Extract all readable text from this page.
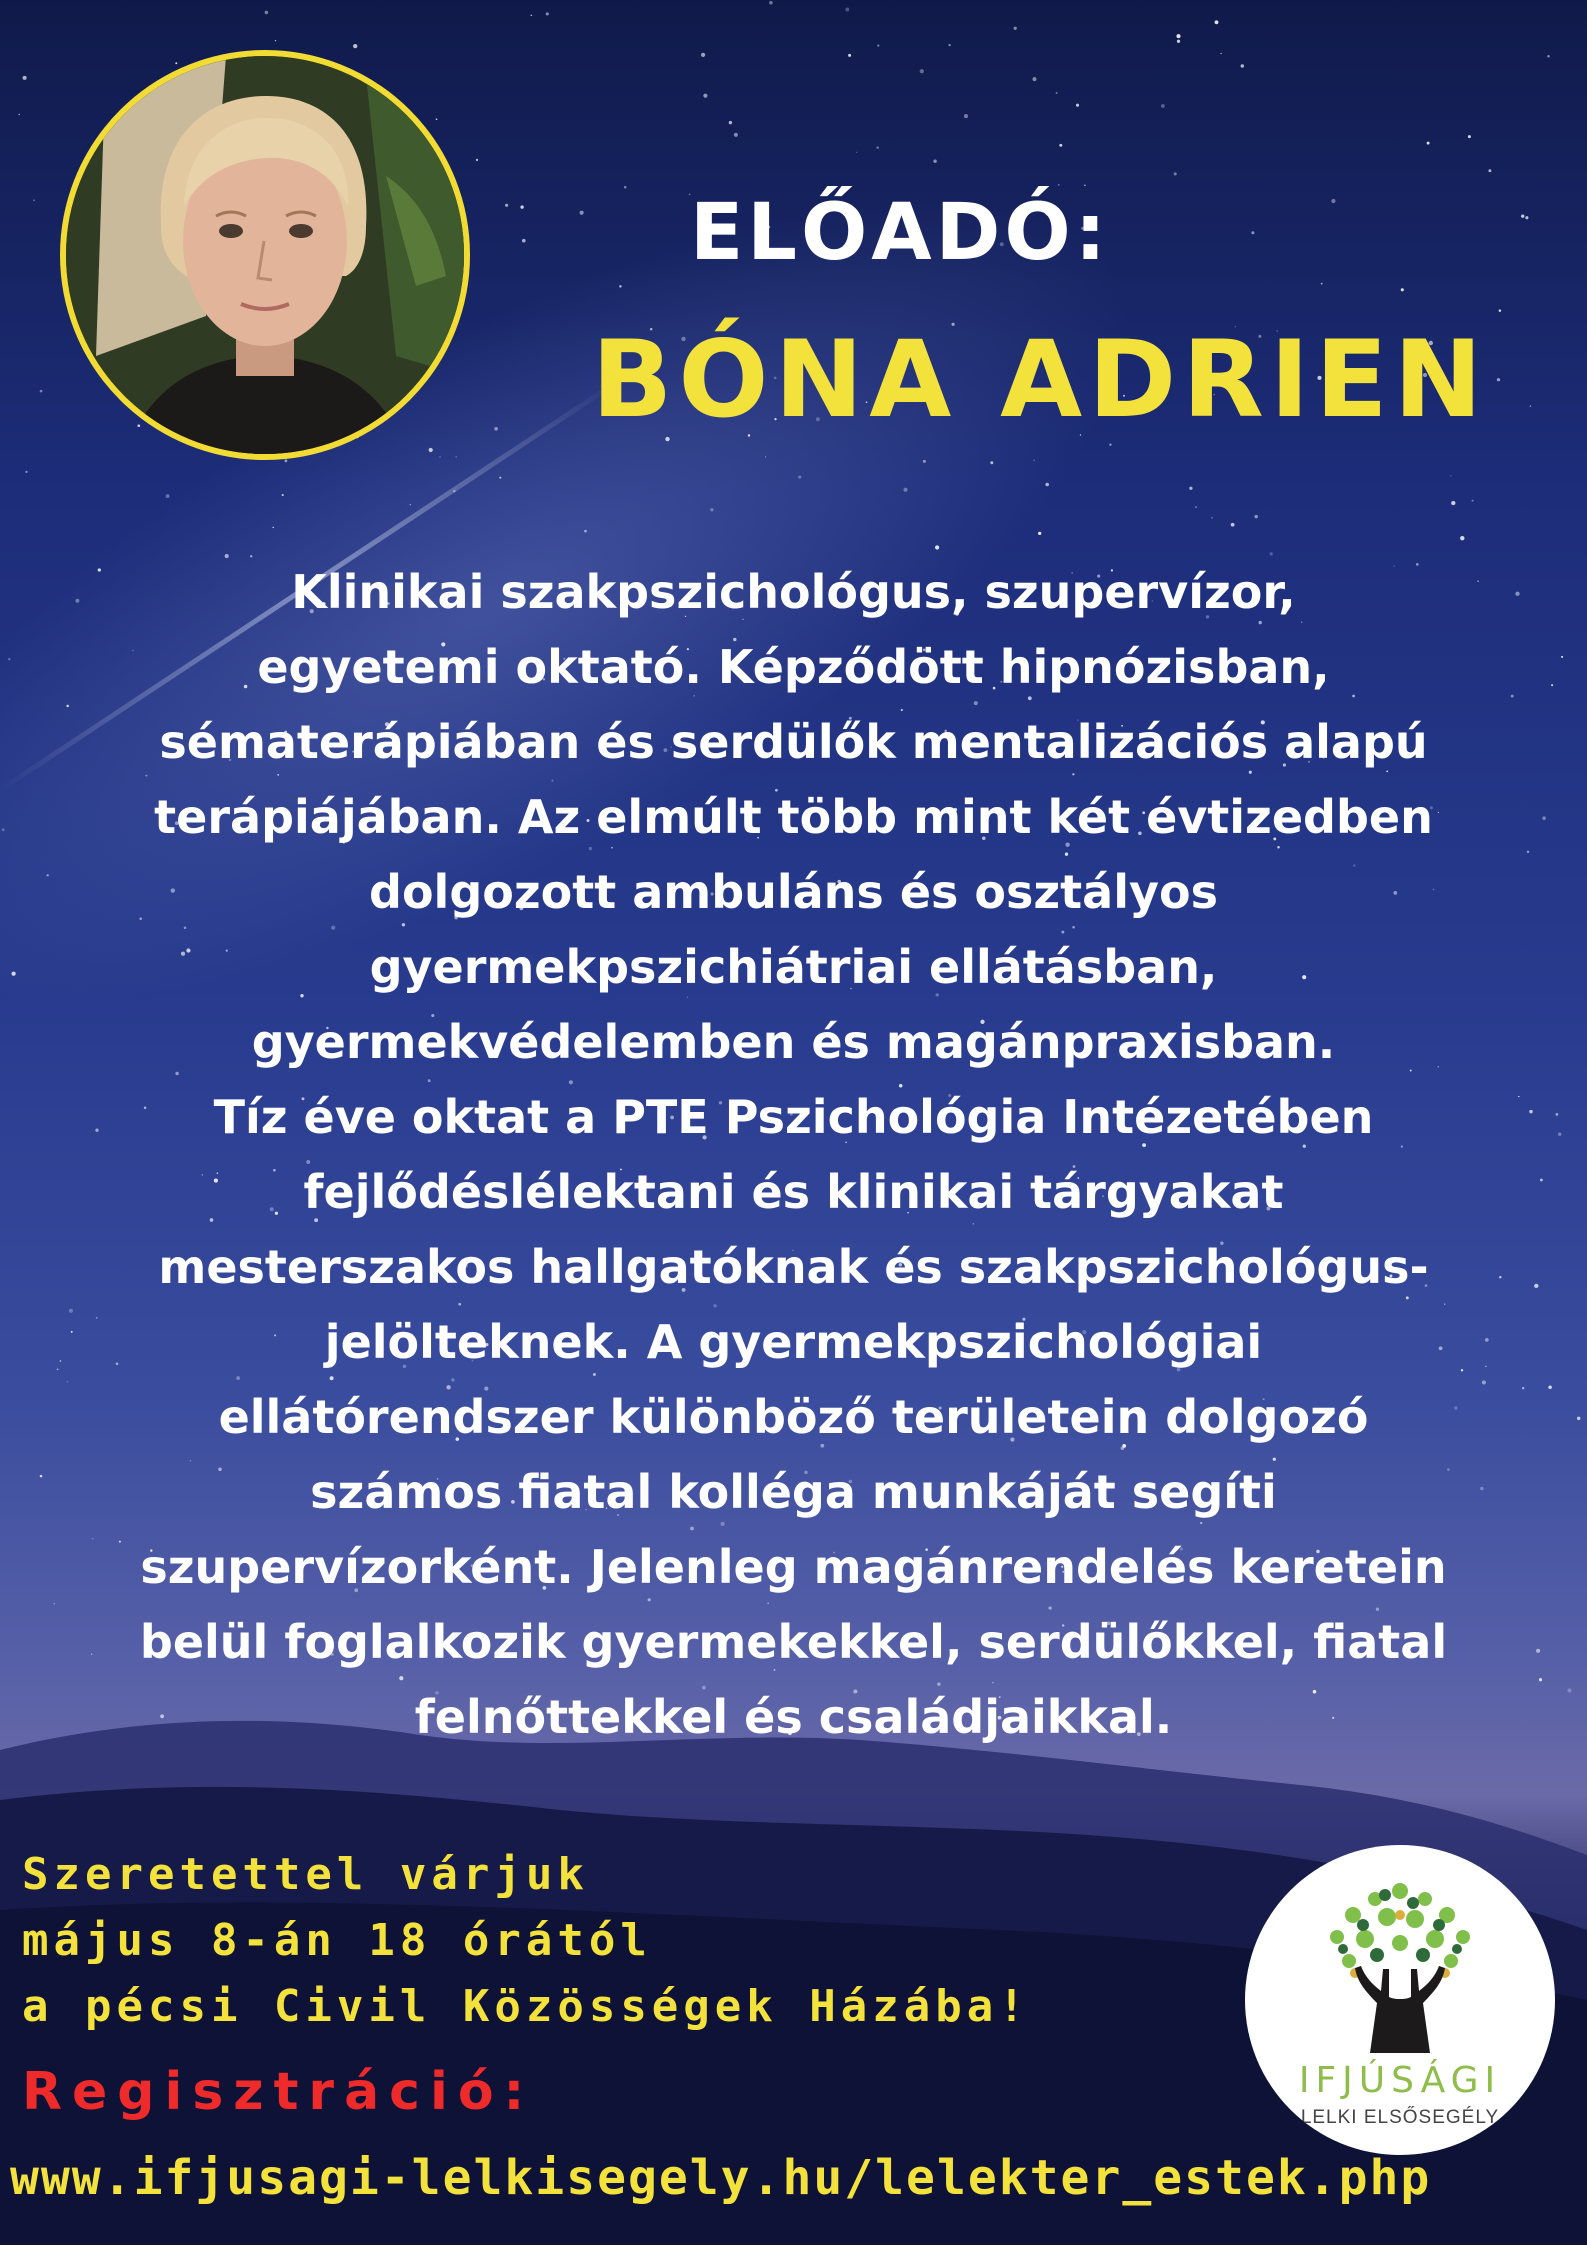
ELŐADÓ:
BÓNA ADRIEN

Klinikai szakpszichológus, szupervízor,
egyetemi oktató. Képződött hipnózisban,
sématerápiában és serdülők mentalizációs alapú
terápiájában. Az elmúlt több mint két évtizedben
dolgozott ambuláns és osztályos
gyermekpszichiátriai ellátásban,
gyermekvédelemben és magánpraxisban.
Tíz éve oktat a PTE Pszichológia Intézetében
fejlődéslélektani és klinikai tárgyakat
mesterszakos hallgatóknak és szakpszichológus-
jelölteknek. A gyermekpszichológiai
ellátórendszer különböző területein dolgozó
számos fiatal kolléga munkáját segíti
szupervízorként. Jelenleg magánrendelés keretein
belül foglalkozik gyermekekkel, serdülőkkel, fiatal
felnőttekkel és családjaikkal.

Szeretettel várjuk
május 8-án 18 órától
a pécsi Civil Közösségek Házába!

Regisztráció:
www.ifjusagi-lelkisegely.hu/lelekter_estek.php
IFJÚSÁGI
LELKI ELSŐSEGÉLY
